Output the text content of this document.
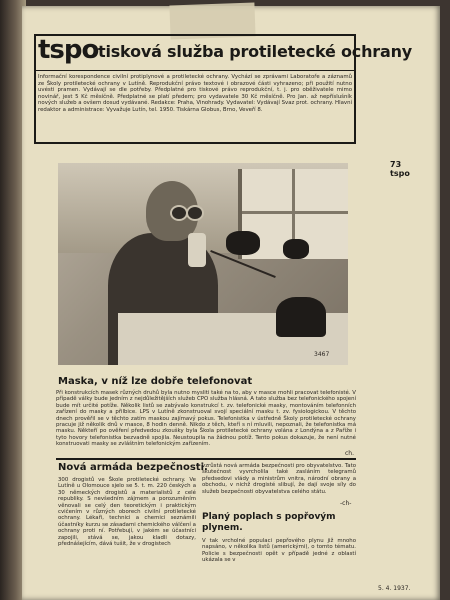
tspo tisková služba protiletecké ochrany
Informační korespondence civilní protiplynové a protiletecké ochrany. Vychází se zprávami Laboratoře a záznamů ze Školy protiletecké ochrany v Lutíně. Reprodukční právo textové i obrazové části vyhrazeno; při použití nutno uvésti pramen. Vydávají se dle potřeby. Předplatné pro tiskové právo reprodukční, t. j. pro oběživatele mimo novinář, jest 5 Kč měsíčně. Předplatné se platí předem; pro vydavatele 30 Kč měsíčně. Pro Jan. až nepříslušník nových služeb a ovšem dosud vydávané. Redakce: Praha, Vinohrady. Vydavatel: Vydávají Svaz prot. ochrany. Hlavní redaktor a administrace: Vyvažuje Lutín, tel. 1950. Tiskárna Globus, Brno, Veveří 8.
73
tspo
3467
Maska, v níž lze dobře telefonovat
Při konstrukcích masek různých druhů byla nutno mysliti také na to, aby v masce mohli pracovat telefonisté. V případě války bude jedním z nejdůležitějších služeb CPO služba hlásná. A tato služba bez telefonického spojení bude mít určité potíže. Několik listů se zabývalo konstrukcí t. zv. telefonické masky, montováním telefonních zařízení do masky a přilbice. LPS v Lutíně zkonstruoval svojí speciální masku t. zv. fysiologickou. V těchto dnech prověřil se v těchto zatím maskou zajímavý pokus. Telefonistka v ústředně Školy protiletecké ochrany pracuje již několik dnů v masce, 8 hodin denně. Nikdo z těch, kteří s ní mluvili, nepoznali, že telefonistka má masku. Někteří po ověření předvedou zkoušky byla Škola protiletecké ochrany volána z Londýna a z Paříže i tyto hovory telefonistka bezvadně spojila. Neustoupila na žádnou potíž. Tento pokus dokazuje, že není nutné konstruovati masky se zvláštním telefonickým zařízením.
ch.
Nová armáda bezpečnosti.
300 drogistů ve Škole protiletecké ochrany. Ve Lutíně u Olomouce sjelo se 5. t. m. 220 českých a 30 německých drogistů a materialistů z celé republiky. S nevšedním zájmem a porozuměním věnovali se celý den teoretickým i praktickým cvičením v různých oborech civilní protiletecké ochrany. Lékaři, technici a chemici seznámili účastníky kurzu se zásadami chemického válčení a ochrany proti ní. Potřebují, v jakém se účastníci zapojili, stává se, jakou kladli dotazy, přednášejícím, dává tušit, že v drogistech
vzrůstá nová armáda bezpečnosti pro obyvatelstvo. Tato skutečnost vyvrcholila také zasláním telegramů předsedovi vlády a ministrům vnitra, národní obrany a obchodu, v nichž drogisté slibují, že dají svoje síly do služeb bezpečnosti obyvatelstva celého státu.
-ch-
Planý poplach s popřovým plynem.
V tak vrcholné populaci pepřového plynu již mnoho napsáno, v několika listů (americkými), o tomto tématu. Policie s bezpečnosti opět v případě jedné z oblastí ukázala se v
5. 4. 1937.
